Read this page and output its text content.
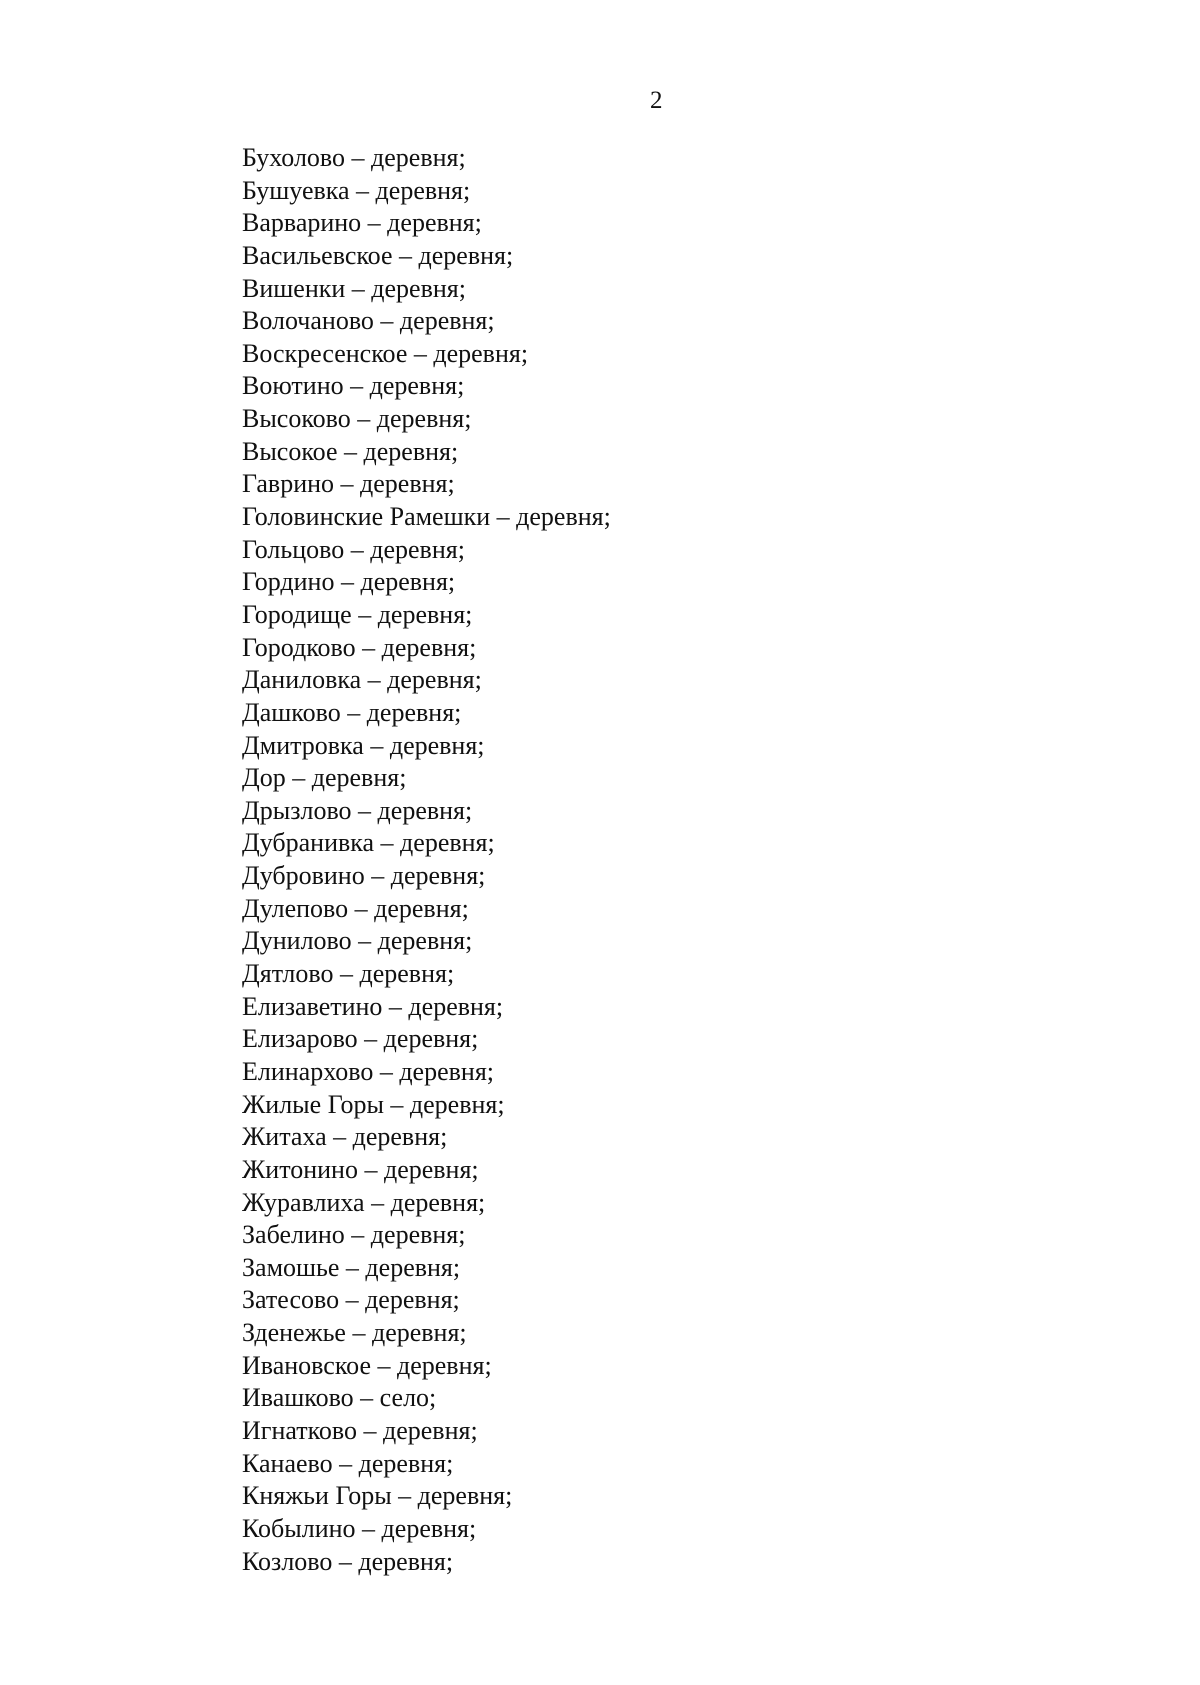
2
Бухолово – деревня;
Бушуевка – деревня;
Варварино – деревня;
Васильевское – деревня;
Вишенки – деревня;
Волочаново – деревня;
Воскресенское – деревня;
Воютино – деревня;
Высоково – деревня;
Высокое – деревня;
Гаврино – деревня;
Головинские Рамешки – деревня;
Гольцово – деревня;
Гордино – деревня;
Городище – деревня;
Городково – деревня;
Даниловка – деревня;
Дашково – деревня;
Дмитровка – деревня;
Дор – деревня;
Дрызлово – деревня;
Дубранивка – деревня;
Дубровино – деревня;
Дулепово – деревня;
Дунилово – деревня;
Дятлово – деревня;
Елизаветино – деревня;
Елизарово – деревня;
Елинархово – деревня;
Жилые Горы – деревня;
Житаха – деревня;
Житонино – деревня;
Журавлиха – деревня;
Забелино – деревня;
Замошье – деревня;
Затесово – деревня;
Зденежье – деревня;
Ивановское – деревня;
Ивашково – село;
Игнатково – деревня;
Канаево – деревня;
Княжьи Горы – деревня;
Кобылино – деревня;
Козлово – деревня;
